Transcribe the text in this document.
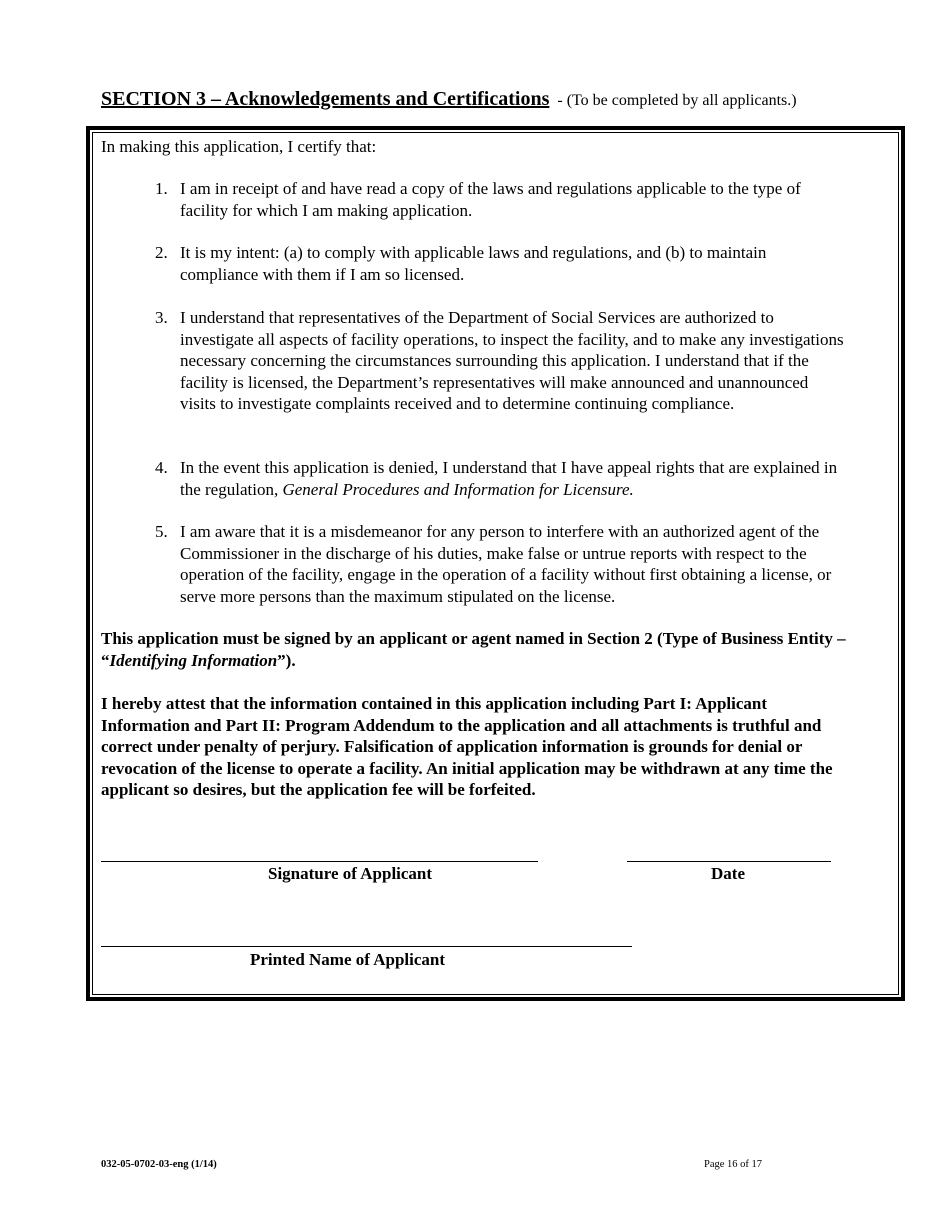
SECTION 3 – Acknowledgements and Certifications - (To be completed by all applicants.)
In making this application, I certify that:
1. I am in receipt of and have read a copy of the laws and regulations applicable to the type of facility for which I am making application.
2. It is my intent: (a) to comply with applicable laws and regulations, and (b) to maintain compliance with them if I am so licensed.
3. I understand that representatives of the Department of Social Services are authorized to investigate all aspects of facility operations, to inspect the facility, and to make any investigations necessary concerning the circumstances surrounding this application. I understand that if the facility is licensed, the Department’s representatives will make announced and unannounced visits to investigate complaints received and to determine continuing compliance.
4. In the event this application is denied, I understand that I have appeal rights that are explained in the regulation, General Procedures and Information for Licensure.
5. I am aware that it is a misdemeanor for any person to interfere with an authorized agent of the Commissioner in the discharge of his duties, make false or untrue reports with respect to the operation of the facility, engage in the operation of a facility without first obtaining a license, or serve more persons than the maximum stipulated on the license.
This application must be signed by an applicant or agent named in Section 2 (Type of Business Entity – “Identifying Information”).
I hereby attest that the information contained in this application including Part I: Applicant Information and Part II: Program Addendum to the application and all attachments is truthful and correct under penalty of perjury. Falsification of application information is grounds for denial or revocation of the license to operate a facility. An initial application may be withdrawn at any time the applicant so desires, but the application fee will be forfeited.
Signature of Applicant	Date
Printed Name of Applicant
032-05-0702-03-eng (1/14)	Page 16 of 17
